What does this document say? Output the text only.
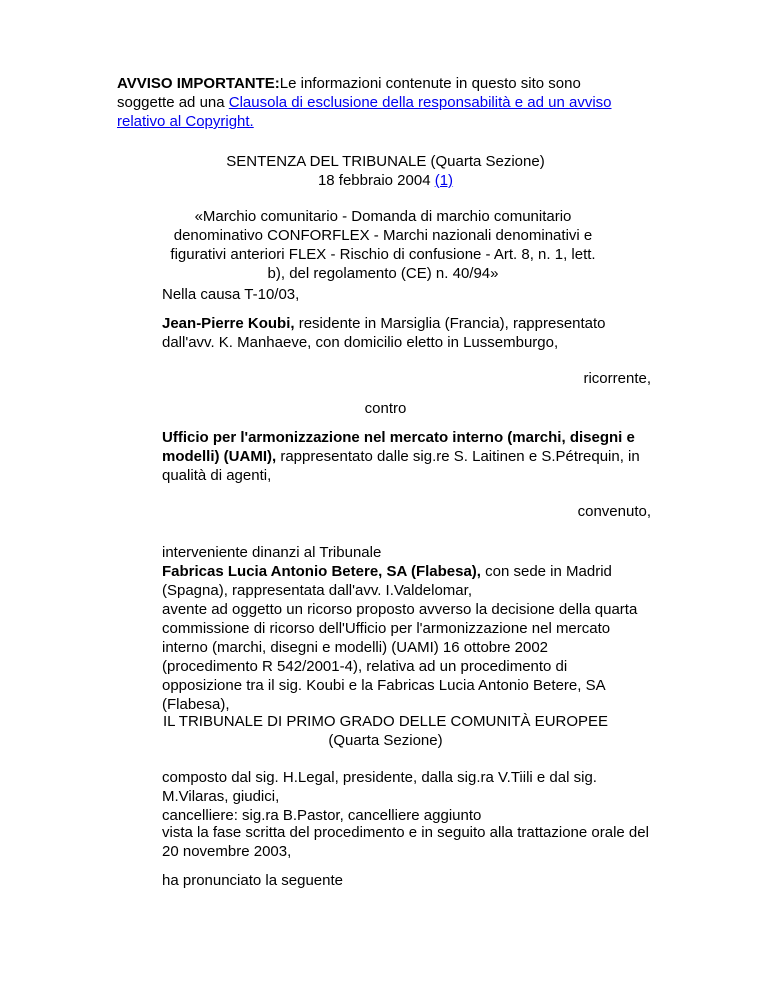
AVVISO IMPORTANTE:Le informazioni contenute in questo sito sono soggette ad una Clausola di esclusione della responsabilità e ad un avviso relativo al Copyright.

SENTENZA DEL TRIBUNALE (Quarta Sezione)

18 febbraio 2004 (1)

«Marchio comunitario - Domanda di marchio comunitario denominativo CONFORFLEX - Marchi nazionali denominativi e figurativi anteriori FLEX - Rischio di confusione - Art. 8, n. 1, lett. b), del regolamento (CE) n. 40/94»

Nella causa T-10/03,

Jean-Pierre Koubi, residente in Marsiglia (Francia), rappresentato dall'avv. K. Manhaeve, con domicilio eletto in Lussemburgo,

ricorrente,

contro

Ufficio per l'armonizzazione nel mercato interno (marchi, disegni e modelli) (UAMI), rappresentato dalle sig.re S. Laitinen e S.Pétrequin, in qualità di agenti,

convenuto,

interveniente dinanzi al Tribunale

Fabricas Lucia Antonio Betere, SA (Flabesa), con sede in Madrid (Spagna), rappresentata dall'avv. I.Valdelomar,

avente ad oggetto un ricorso proposto avverso la decisione della quarta commissione di ricorso dell'Ufficio per l'armonizzazione nel mercato interno (marchi, disegni e modelli) (UAMI) 16 ottobre 2002 (procedimento R 542/2001-4), relativa ad un procedimento di opposizione tra il sig. Koubi e la Fabricas Lucia Antonio Betere, SA (Flabesa),

IL TRIBUNALE DI PRIMO GRADO DELLE COMUNITÀ EUROPEE

(Quarta Sezione)

composto dal sig. H.Legal, presidente, dalla sig.ra V.Tiili e dal sig. M.Vilaras, giudici,

cancelliere: sig.ra B.Pastor, cancelliere aggiunto

vista la fase scritta del procedimento e in seguito alla trattazione orale del 20 novembre 2003,

ha pronunciato la seguente
